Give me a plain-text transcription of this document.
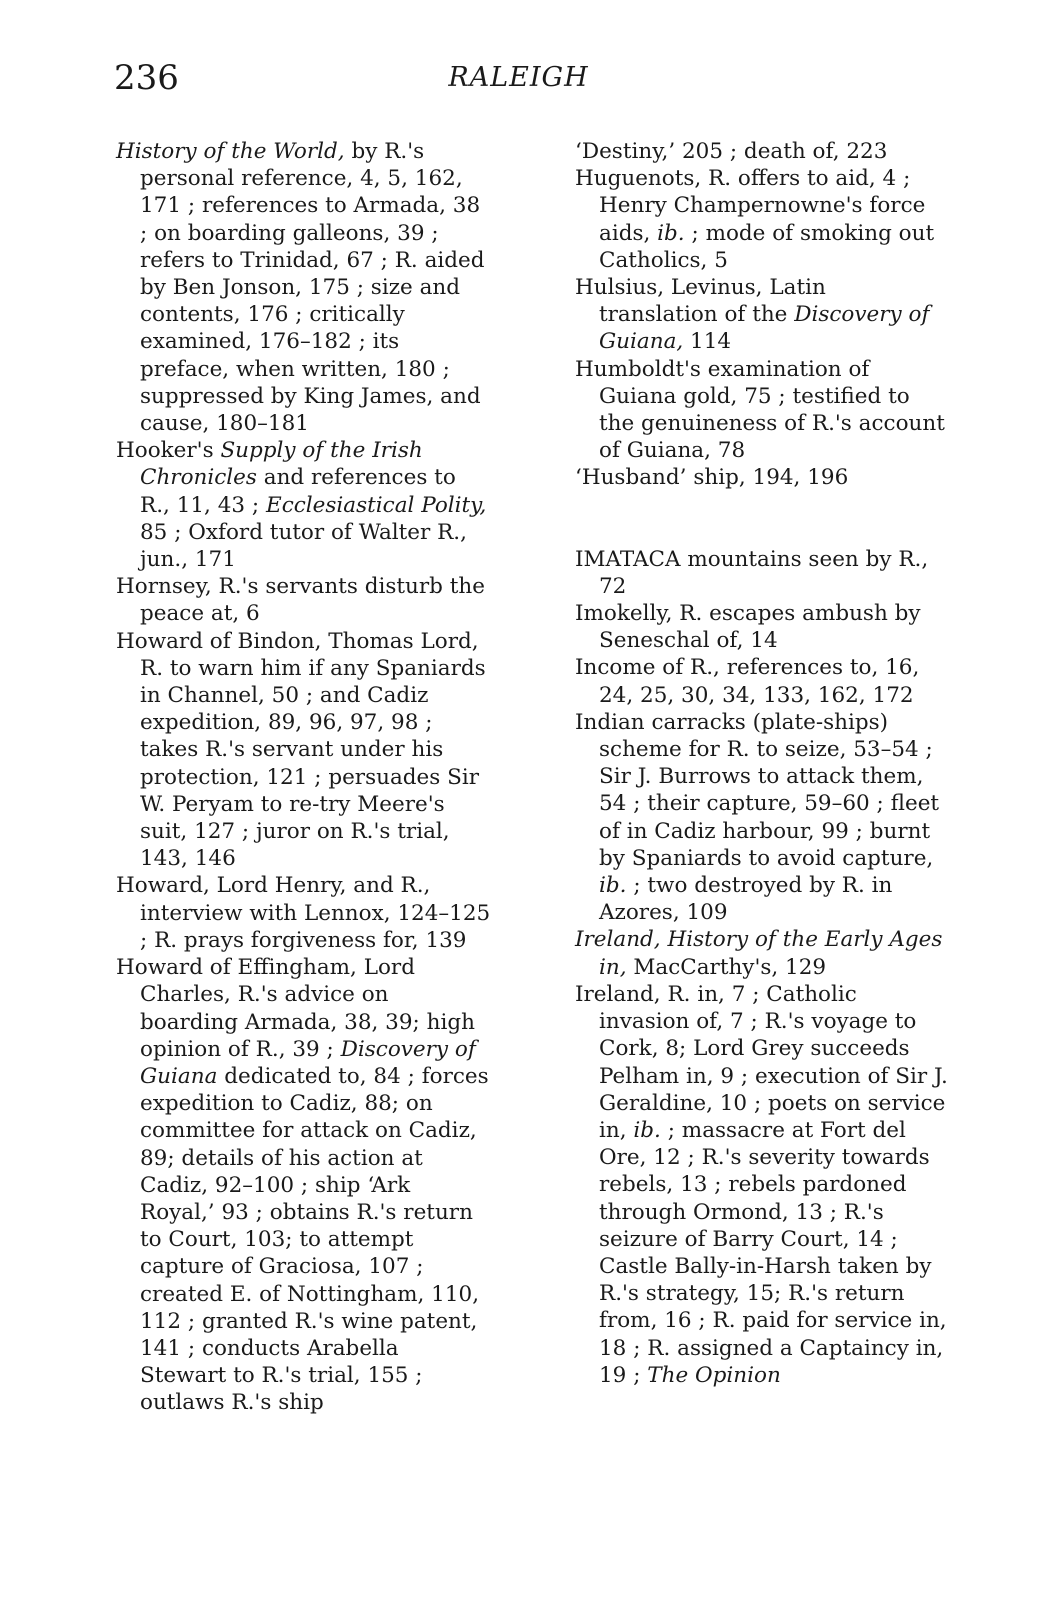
236	RALEIGH

History of the World, by R.'s personal reference, 4, 5, 162, 171 ; references to Armada, 38 ; on boarding galleons, 39 ; refers to Trinidad, 67 ; R. aided by Ben Jonson, 175 ; size and contents, 176 ; critically examined, 176–182 ; its preface, when written, 180 ; suppressed by King James, and cause, 180–181

Hooker's Supply of the Irish Chronicles and references to R., 11, 43 ; Ecclesiastical Polity, 85 ; Oxford tutor of Walter R., jun., 171

Hornsey, R.'s servants disturb the peace at, 6

Howard of Bindon, Thomas Lord, R. to warn him if any Spaniards in Channel, 50 ; and Cadiz expedition, 89, 96, 97, 98 ; takes R.'s servant under his protection, 121 ; persuades Sir W. Peryam to re-try Meere's suit, 127 ; juror on R.'s trial, 143, 146

Howard, Lord Henry, and R., interview with Lennox, 124–125 ; R. prays forgiveness for, 139

Howard of Effingham, Lord Charles, R.'s advice on boarding Armada, 38, 39; high opinion of R., 39 ; Discovery of Guiana dedicated to, 84 ; forces expedition to Cadiz, 88; on committee for attack on Cadiz, 89; details of his action at Cadiz, 92–100 ; ship ‘Ark Royal,’ 93 ; obtains R.'s return to Court, 103; to attempt capture of Graciosa, 107 ; created E. of Nottingham, 110, 112 ; granted R.'s wine patent, 141 ; conducts Arabella Stewart to R.'s trial, 155 ; outlaws R.'s ship

‘Destiny,’ 205 ; death of, 223

Huguenots, R. offers to aid, 4 ; Henry Champernowne's force aids, ib. ; mode of smoking out Catholics, 5

Hulsius, Levinus, Latin translation of the Discovery of Guiana, 114

Humboldt's examination of Guiana gold, 75 ; testified to the genuineness of R.'s account of Guiana, 78

‘Husband’ ship, 194, 196

IMATACA mountains seen by R., 72

Imokelly, R. escapes ambush by Seneschal of, 14

Income of R., references to, 16, 24, 25, 30, 34, 133, 162, 172

Indian carracks (plate-ships) scheme for R. to seize, 53–54 ; Sir J. Burrows to attack them, 54 ; their capture, 59–60 ; fleet of in Cadiz harbour, 99 ; burnt by Spaniards to avoid capture, ib. ; two destroyed by R. in Azores, 109

Ireland, History of the Early Ages in, MacCarthy's, 129

Ireland, R. in, 7 ; Catholic invasion of, 7 ; R.'s voyage to Cork, 8; Lord Grey succeeds Pelham in, 9 ; execution of Sir J. Geraldine, 10 ; poets on service in, ib. ; massacre at Fort del Ore, 12 ; R.'s severity towards rebels, 13 ; rebels pardoned through Ormond, 13 ; R.'s seizure of Barry Court, 14 ; Castle Bally-in-Harsh taken by R.'s strategy, 15; R.'s return from, 16 ; R. paid for service in, 18 ; R. assigned a Captaincy in, 19 ; The Opinion
